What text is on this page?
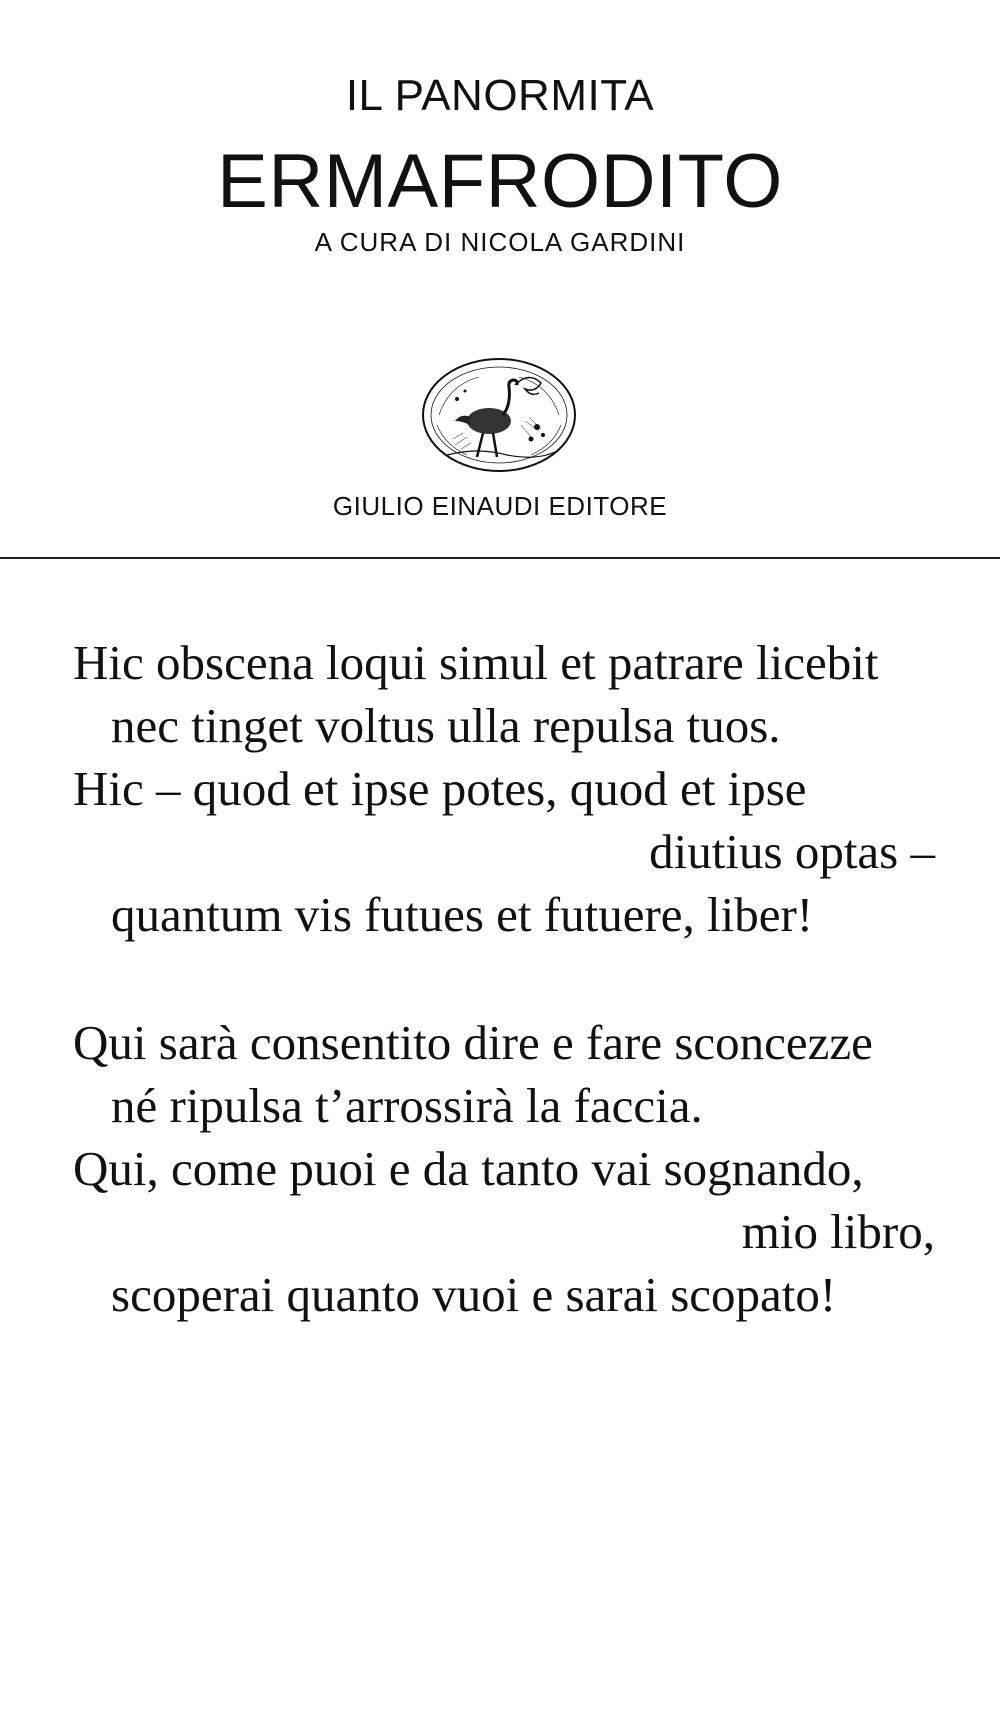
IL PANORMITA
ERMAFRODITO
A CURA DI NICOLA GARDINI
GIULIO EINAUDI EDITORE
Hic obscena loqui simul et patrare licebit
nec tinget voltus ulla repulsa tuos.
Hic – quod et ipse potes, quod et ipse
diutius optas –
quantum vis futues et futuere, liber!
Qui sarà consentito dire e fare sconcezze
né ripulsa t’arrossirà la faccia.
Qui, come puoi e da tanto vai sognando,
mio libro,
scoperai quanto vuoi e sarai scopato!
